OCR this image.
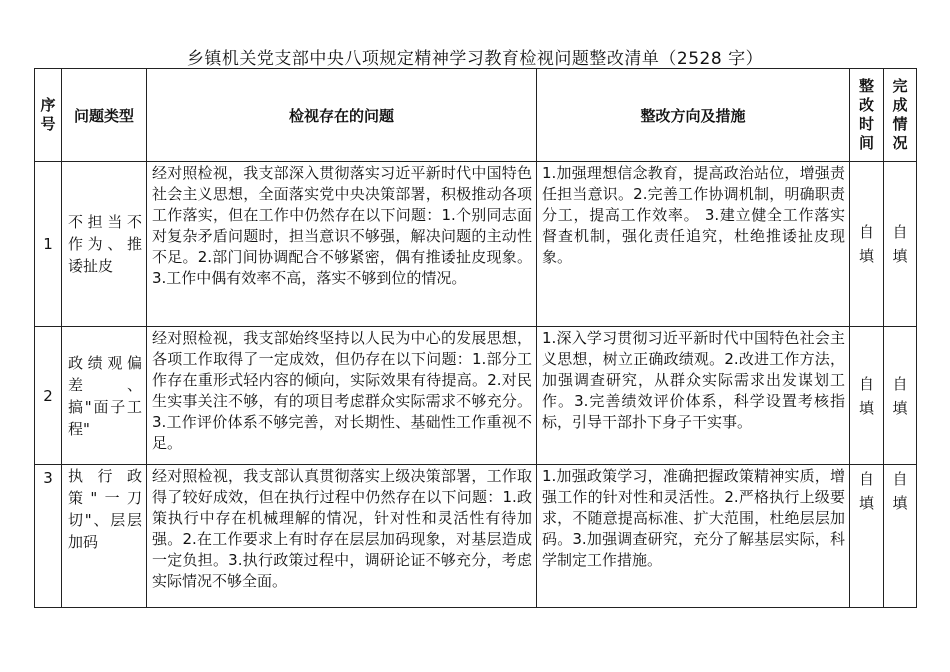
乡镇机关党支部中央八项规定精神学习教育检视问题整改清单（2528 字）
序号	问题类型	检视存在的问题	整改方向及措施	整改时间	完成情况

1	不担当不作为、推诿扯皮	经对照检视，我支部深入贯彻落实习近平新时代中国特色社会主义思想，全面落实党中央决策部署，积极推动各项工作落实，但在工作中仍然存在以下问题：1.个别同志面对复杂矛盾问题时，担当意识不够强，解决问题的主动性不足。2.部门间协调配合不够紧密，偶有推诿扯皮现象。3.工作中偶有效率不高，落实不够到位的情况。	1.加强理想信念教育，提高政治站位，增强责任担当意识。2.完善工作协调机制，明确职责分工，提高工作效率。 3.建立健全工作落实督查机制，强化责任追究，杜绝推诿扯皮现象。	自填	自填

2	政绩观偏差　、搞"面子工程"	经对照检视，我支部始终坚持以人民为中心的发展思想，各项工作取得了一定成效，但仍存在以下问题：1.部分工作存在重形式轻内容的倾向，实际效果有待提高。2.对民生实事关注不够，有的项目考虑群众实际需求不够充分。3.工作评价体系不够完善，对长期性、基础性工作重视不足。	1.深入学习贯彻习近平新时代中国特色社会主义思想，树立正确政绩观。2.改进工作方法，加强调查研究，从群众实际需求出发谋划工作。3.完善绩效评价体系，科学设置考核指标，引导干部扑下身子干实事。	自填	自填

3	执行政策"一刀切"、层层加码	经对照检视，我支部认真贯彻落实上级决策部署，工作取得了较好成效，但在执行过程中仍然存在以下问题：1.政策执行中存在机械理解的情况，针对性和灵活性有待加强。2.在工作要求上有时存在层层加码现象，对基层造成一定负担。3.执行政策过程中，调研论证不够充分，考虑实际情况不够全面。	1.加强政策学习，准确把握政策精神实质，增强工作的针对性和灵活性。2.严格执行上级要求，不随意提高标准、扩大范围，杜绝层层加码。3.加强调查研究，充分了解基层实际，科学制定工作措施。	自填	自填
